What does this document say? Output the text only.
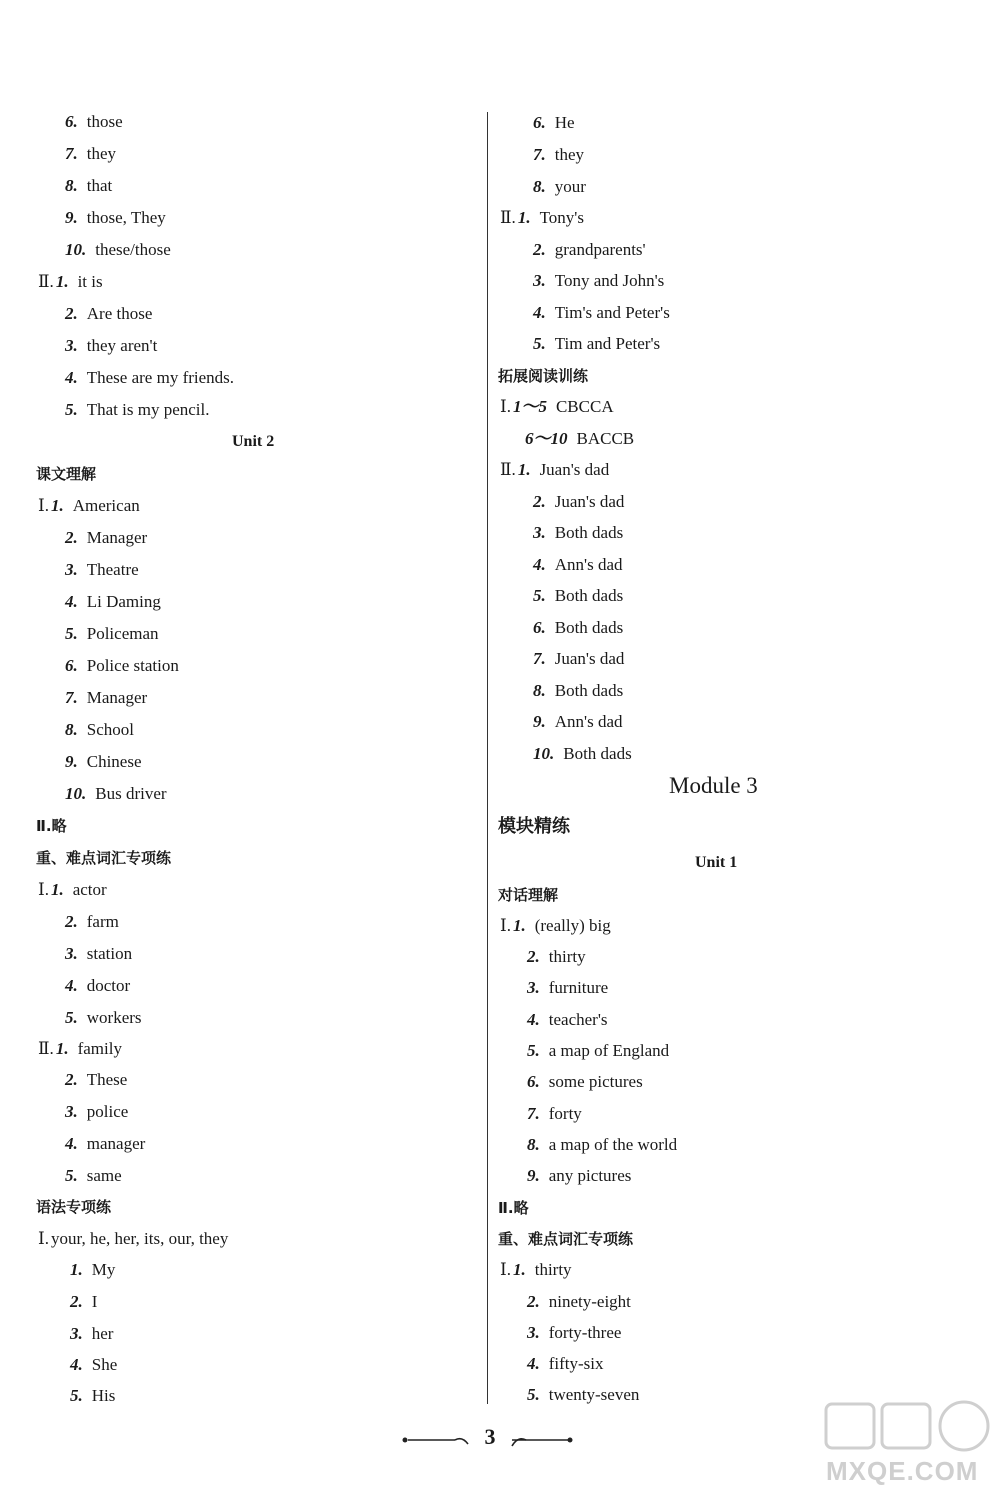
6. those
7. they
8. that
9. those, They
10. these/those
Ⅱ. 1. it is
2. Are those
3. they aren't
4. These are my friends.
5. That is my pencil.
Unit 2
课文理解
Ⅰ. 1. American
2. Manager
3. Theatre
4. Li Daming
5. Policeman
6. Police station
7. Manager
8. School
9. Chinese
10. Bus driver
Ⅱ.略
重、难点词汇专项练
Ⅰ. 1. actor
2. farm
3. station
4. doctor
5. workers
Ⅱ. 1. family
2. These
3. police
4. manager
5. same
语法专项练
Ⅰ. your, he, her, its, our, they
1. My
2. I
3. her
4. She
5. His
6. He
7. they
8. your
Ⅱ. 1. Tony's
2. grandparents'
3. Tony and John's
4. Tim's and Peter's
5. Tim and Peter's
拓展阅读训练
Ⅰ. 1～5 CBCCA
6～10 BACCB
Ⅱ. 1. Juan's dad
2. Juan's dad
3. Both dads
4. Ann's dad
5. Both dads
6. Both dads
7. Juan's dad
8. Both dads
9. Ann's dad
10. Both dads
Module 3
模块精练
Unit 1
对话理解
Ⅰ. 1. (really) big
2. thirty
3. furniture
4. teacher's
5. a map of England
6. some pictures
7. forty
8. a map of the world
9. any pictures
Ⅱ.略
重、难点词汇专项练
Ⅰ. 1. thirty
2. ninety-eight
3. forty-three
4. fifty-six
5. twenty-seven
3
MXQE.COM
